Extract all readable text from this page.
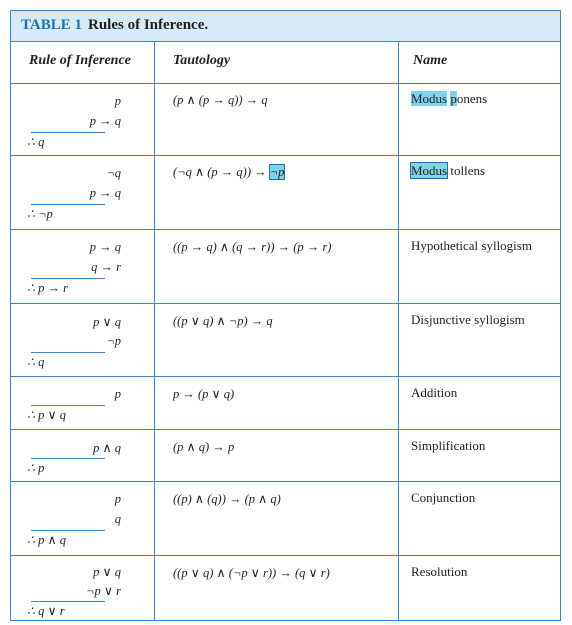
TABLE 1 Rules of Inference.
Rule of Inference	Tautology	Name
p
p → q
∴ q
(p ∧ (p → q)) → q	Modus ponens
¬q
p → q
∴ ¬p
(¬q ∧ (p → q)) → ¬p	Modus tollens
p → q
q → r
∴ p → r
((p → q) ∧ (q → r)) → (p → r)	Hypothetical syllogism
p ∨ q
¬p
∴ q
((p ∨ q) ∧ ¬p) → q	Disjunctive syllogism
p
∴ p ∨ q
p → (p ∨ q)	Addition
p ∧ q
∴ p
(p ∧ q) → p	Simplification
p
q
∴ p ∧ q
((p) ∧ (q)) → (p ∧ q)	Conjunction
p ∨ q
¬p ∨ r
∴ q ∨ r
((p ∨ q) ∧ (¬p ∨ r)) → (q ∨ r)	Resolution
